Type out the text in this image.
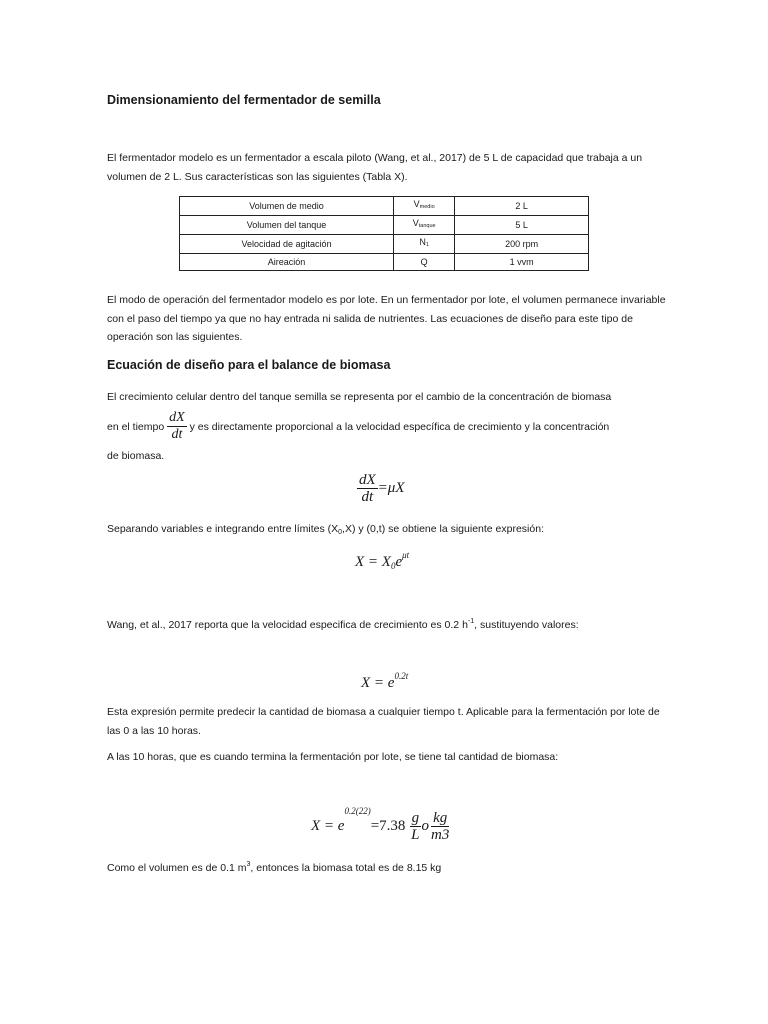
Dimensionamiento del fermentador de semilla
El fermentador modelo es un fermentador a escala piloto (Wang, et al., 2017) de 5 L de capacidad que trabaja a un volumen de 2 L. Sus características son las siguientes (Tabla X).
Volumen de medio	Vmedio	2 L
Volumen del tanque	Vtanque	5 L
Velocidad de agitación	N1	200 rpm
Aireación	Q	1 vvm
El modo de operación del fermentador modelo es por lote. En un fermentador por lote, el volumen permanece invariable con el paso del tiempo ya que no hay entrada ni salida de nutrientes. Las ecuaciones de diseño para este tipo de operación son las siguientes.
Ecuación de diseño para el balance de biomasa
El crecimiento celular dentro del tanque semilla se representa por el cambio de la concentración de biomasa
en el tiempo $\frac{dX}{dt}$ y es directamente proporcional a la velocidad específica de crecimiento y la concentración
de biomasa.
$\frac{dX}{dt} =\mu X$
Separando variables e integrando entre límites (X0,X) y (0,t) se obtiene la siguiente expresión:
$X = X_0e^{\mu t}$
Wang, et al., 2017 reporta que la velocidad especifica de crecimiento es 0.2 $h^{-1}$, sustituyendo valores:
$X = e^{0.2t}$
Esta expresión permite predecir la cantidad de biomasa a cualquier tiempo t. Aplicable para la fermentación por lote de las 0 a las 10 horas.
A las 10 horas, que es cuando termina la fermentación por lote, se tiene tal cantidad de biomasa:
$X = e^{0.2(22)}=7.38 \frac{g}{L}$ o $\frac{kg}{m3}$
Como el volumen es de 0.1 $m^3$, entonces la biomasa total es de 8.15 kg
